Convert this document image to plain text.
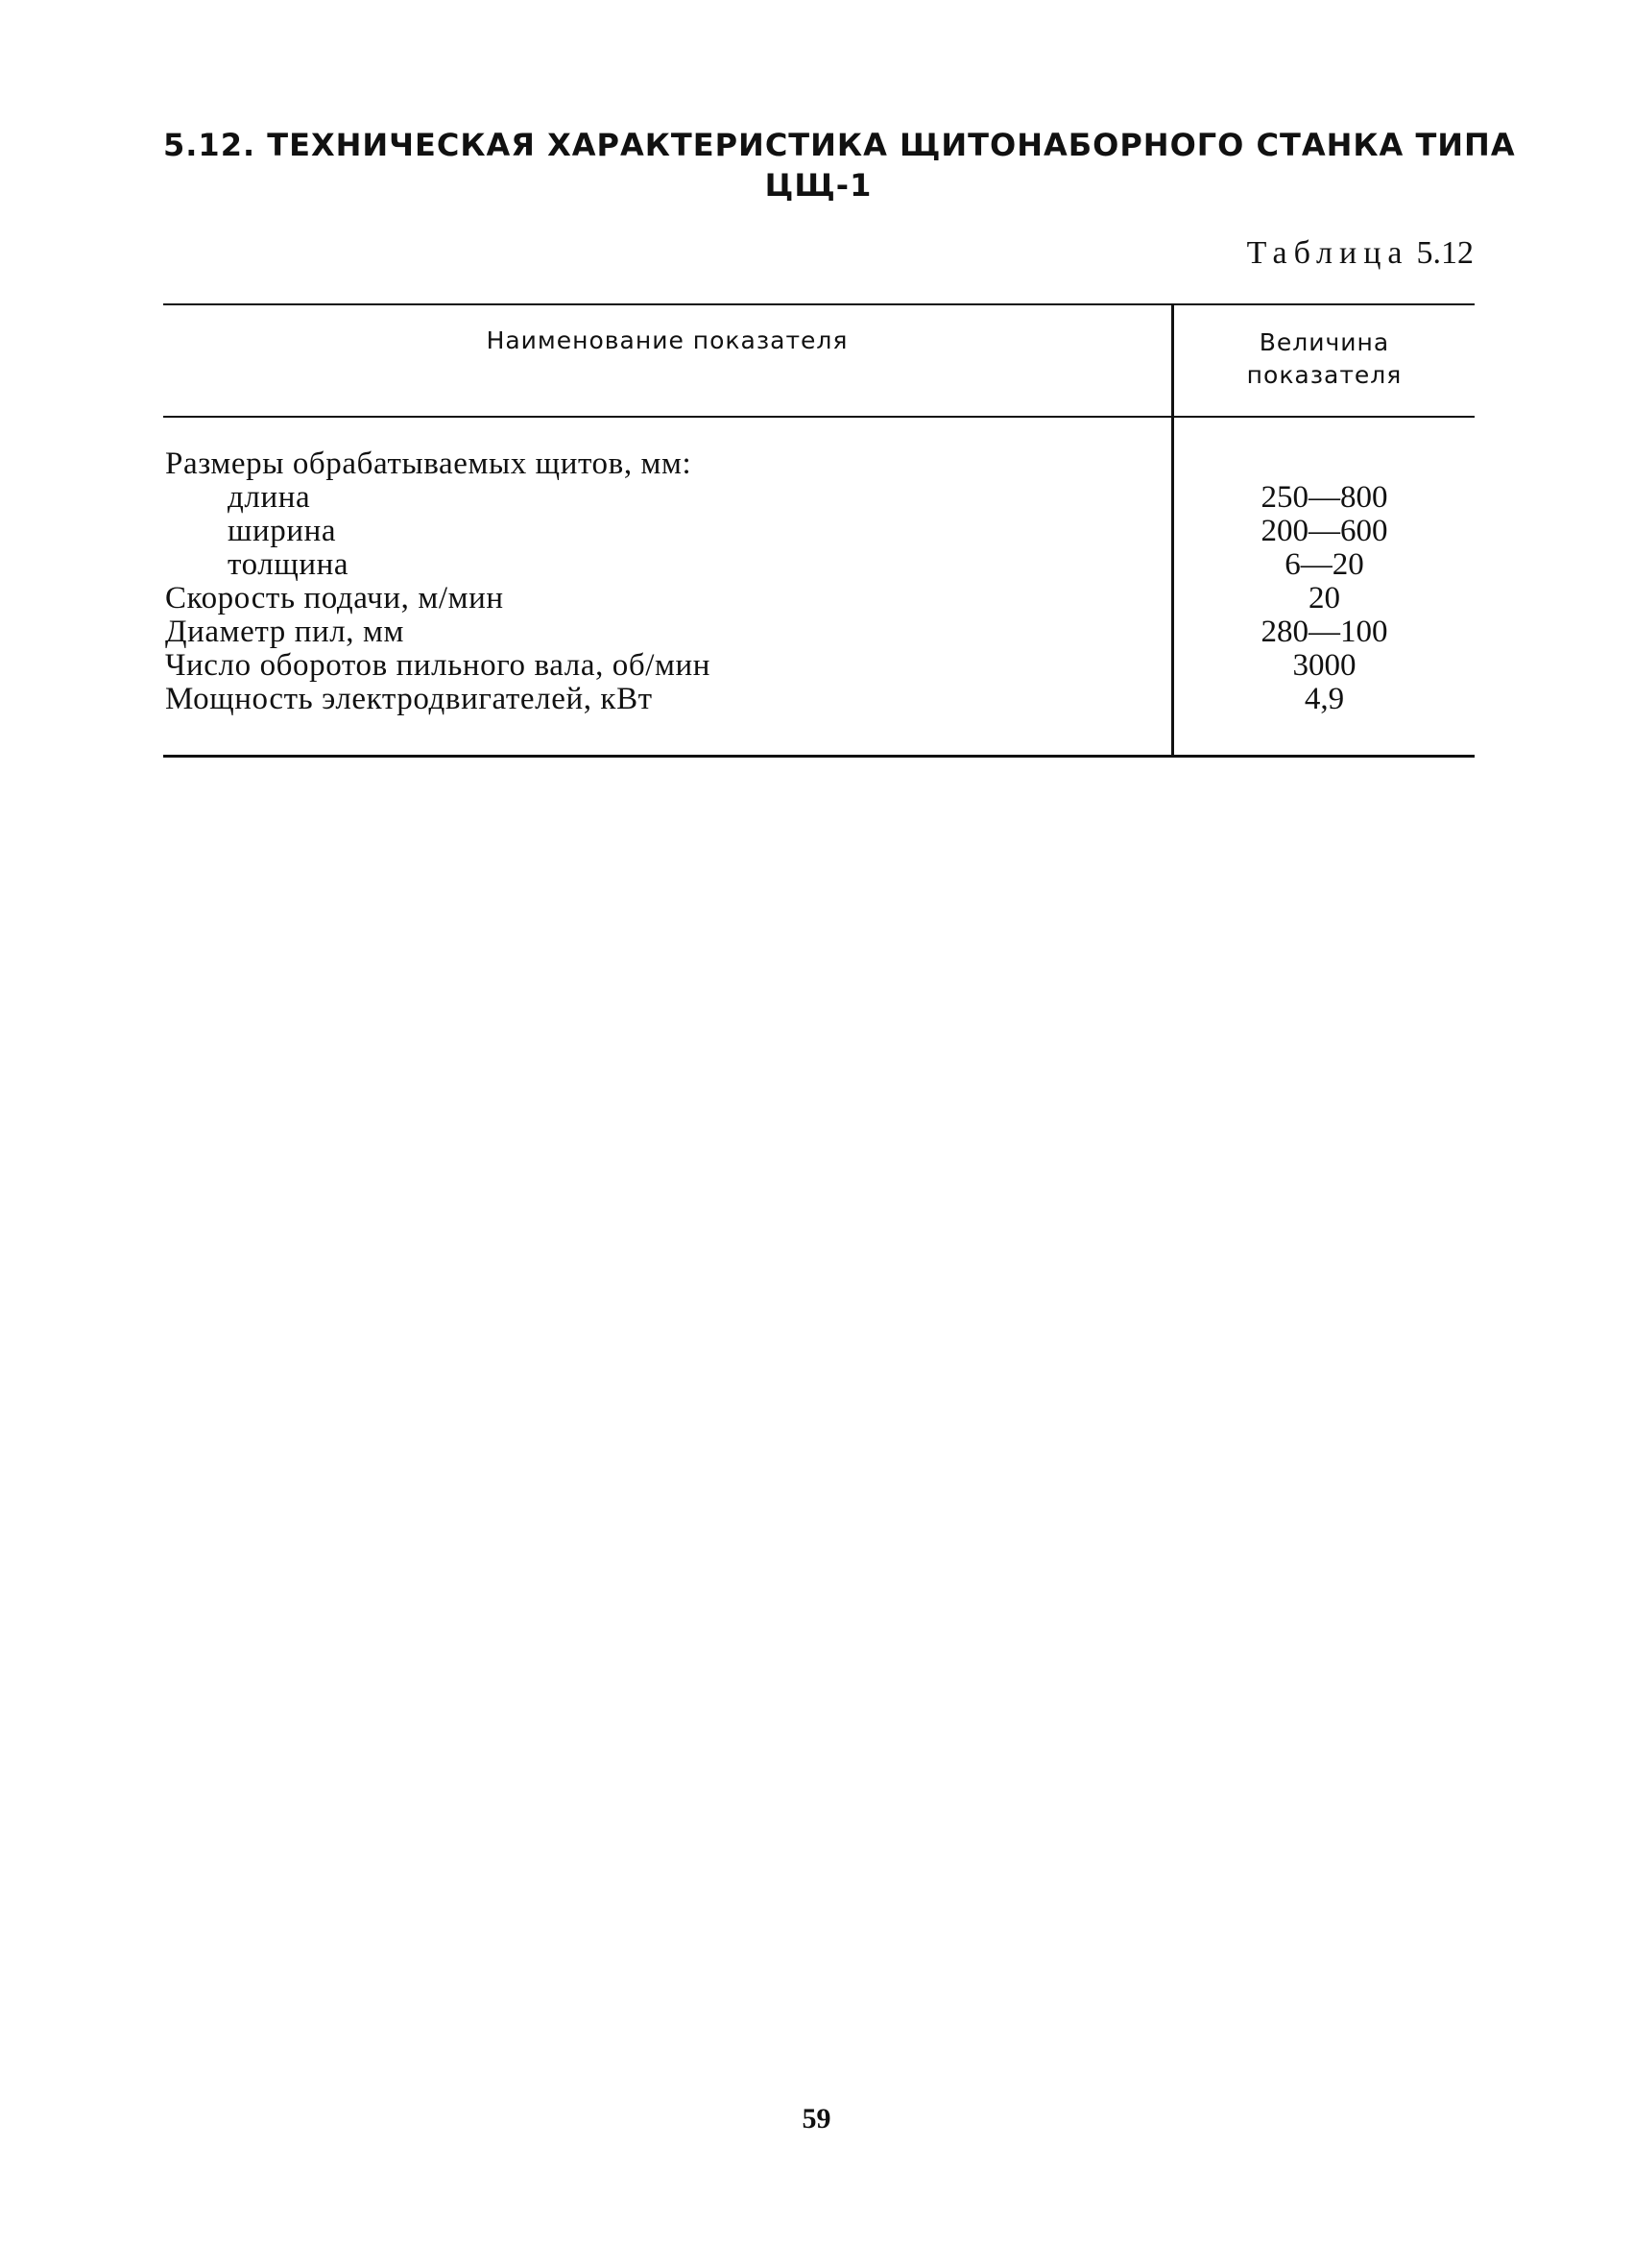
5.12. ТЕХНИЧЕСКАЯ ХАРАКТЕРИСТИКА ЩИТОНАБОРНОГО СТАНКА ТИПА
ЦЩ-1
Таблица 5.12
Наименование показателя	Величина
показателя
Размеры обрабатываемых щитов, мм:
длина	250—800
ширина	200—600
толщина	6—20
Скорость подачи, м/мин	20
Диаметр пил, мм	280—100
Число оборотов пильного вала, об/мин	3000
Мощность электродвигателей, кВт	4,9
59
